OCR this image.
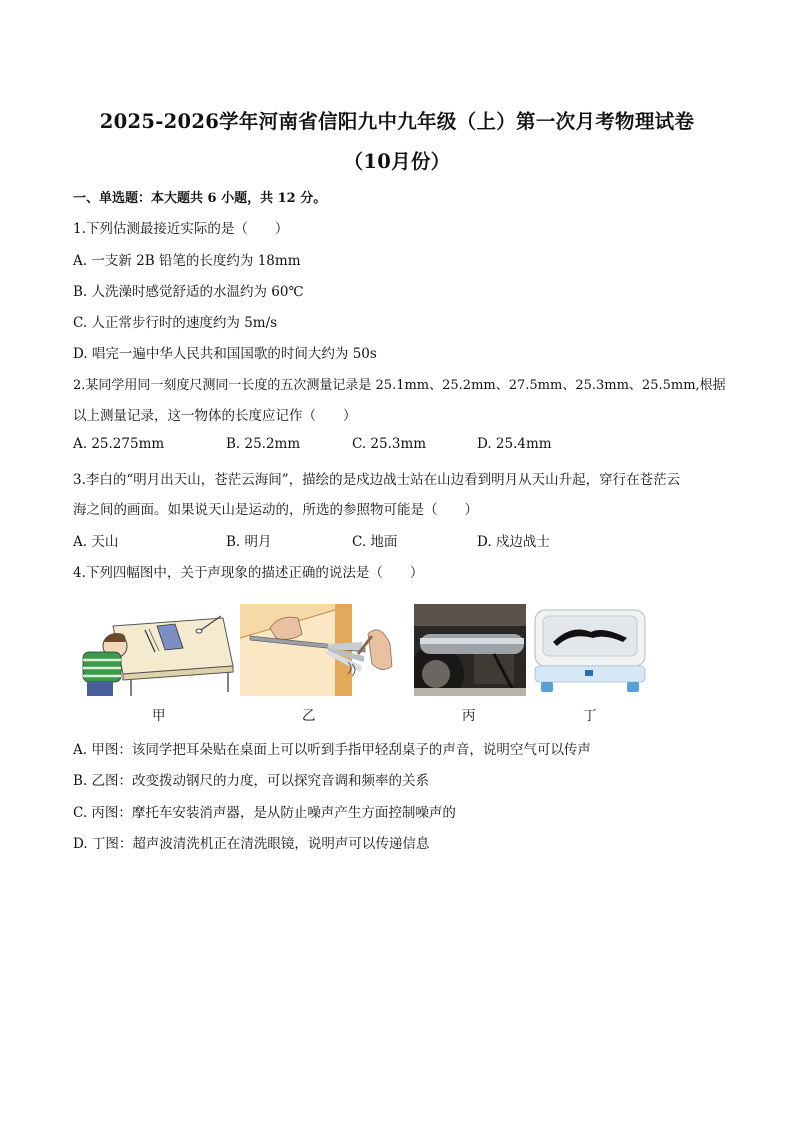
2025-2026学年河南省信阳九中九年级（上）第一次月考物理试卷
（10月份）
一、单选题：本大题共 6 小题，共 12 分。
1.下列估测最接近实际的是（　　）
A. 一支新 2B 铅笔的长度约为 18mm
B. 人洗澡时感觉舒适的水温约为 60℃
C. 人正常步行时的速度约为 5m/s
D. 唱完一遍中华人民共和国国歌的时间大约为 50s
2.某同学用同一刻度尺测同一长度的五次测量记录是 25.1mm、25.2mm、27.5mm、25.3mm、25.5mm,根据
以上测量记录，这一物体的长度应记作（　　）
A. 25.275mm	B. 25.2mm	C. 25.3mm	D. 25.4mm
3.李白的“明月出天山，苍茫云海间”，描绘的是戍边战士站在山边看到明月从天山升起，穿行在苍茫云
海之间的画面。如果说天山是运动的，所选的参照物可能是（　　）
A. 天山	B. 明月	C. 地面	D. 戍边战士
4.下列四幅图中，关于声现象的描述正确的说法是（　　）
甲	乙	丙	丁
A. 甲图：该同学把耳朵贴在桌面上可以听到手指甲轻刮桌子的声音，说明空气可以传声
B. 乙图：改变拨动钢尺的力度，可以探究音调和频率的关系
C. 丙图：摩托车安装消声器，是从防止噪声产生方面控制噪声的
D. 丁图：超声波清洗机正在清洗眼镜，说明声可以传递信息
